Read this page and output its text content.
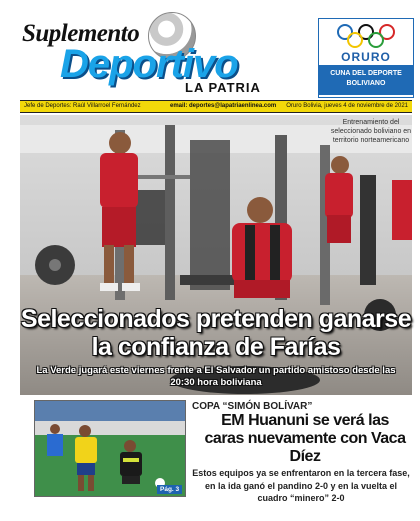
Suplemento
Deportivo
LA PATRIA
ORURO
CUNA DEL DEPORTE BOLIVIANO
Jefe de Deportes: Raúl Villarroel Fernández	email: deportes@lapatriaenlinea.com Oruro Bolivia, jueves 4 de noviembre de 2021
Entrenamiento del seleccionado boliviano en territorio norteamericano
Seleccionados pretenden ganarse la confianza de Farías
La Verde jugará este viernes frente a El Salvador un partido amistoso desde las 20:30 hora boliviana
Pág. 3
COPA “SIMÓN BOLÍVAR”
EM Huanuni se verá las caras nuevamente con Vaca Díez
Estos equipos ya se enfrentaron en la tercera fase, en la ida ganó el pandino 2-0 y en la vuelta el cuadro “minero” 2-0
